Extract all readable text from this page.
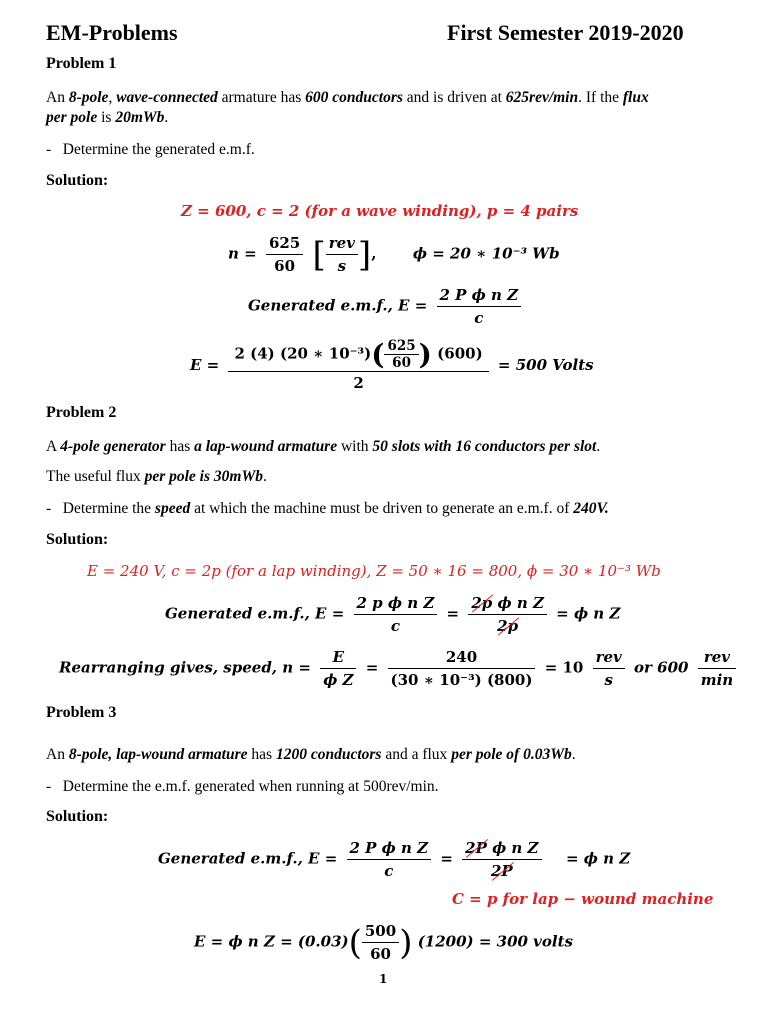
EM-Problems	First Semester 2019-2020
Problem 1
An 8-pole, wave-connected armature has 600 conductors and is driven at 625rev/min. If the flux
per pole is 20mWb.
-   Determine the generated e.m.f.
Solution:
Z = 600, c = 2 (for a wave winding), p = 4 pairs
$n = \frac{625}{60}$ [ $\frac{\text{rev}}{s}$ ],  ϕ = 20 ∗ 10⁻³ Wb
Generated e.m.f., $E = \frac{\text{2 P ϕ n Z}}{c}$
$E = \frac{2 (4) (20 ∗ 10^{-3})( \frac{625}{60} ) (600)}{2} = 500$ Volts
Problem 2
A 4-pole generator has a lap-wound armature with 50 slots with 16 conductors per slot.
The useful flux per pole is 30mWb.
-   Determine the speed at which the machine must be driven to generate an e.m.f. of 240V.
Solution:
E = 240 V, c = 2p (for a lap winding), Z = 50 ∗ 16 = 800, ϕ = 30 ∗ 10⁻³ Wb
Generated e.m.f., $E = \frac{\text{2 p ϕ n Z}}{c} = \frac{\text{2p ϕ n Z}}{2p} = \phi$ n Z
Rearranging gives, speed, $n = \frac{E}{\text{ϕ Z}} = \frac{240}{\text{(30 ∗ 10⁻³) (800)}} = 10 \frac{\text{rev}}{s}$ or $600 \frac{\text{rev}}{\min}$
Problem 3
An 8-pole, lap-wound armature has 1200 conductors and a flux per pole of 0.03Wb.
-   Determine the e.m.f. generated when running at 500rev/min.
Solution:
Generated e.m.f., $E = \frac{\text{2 P ϕ n Z}}{c} = \frac{\text{2P ϕ n Z}}{2P} = \phi$ n Z
C = p for lap − wound machine
E = ϕ n $Z = (0.03)( \frac{500}{60}$ ) (1200) = 300 volts
1
